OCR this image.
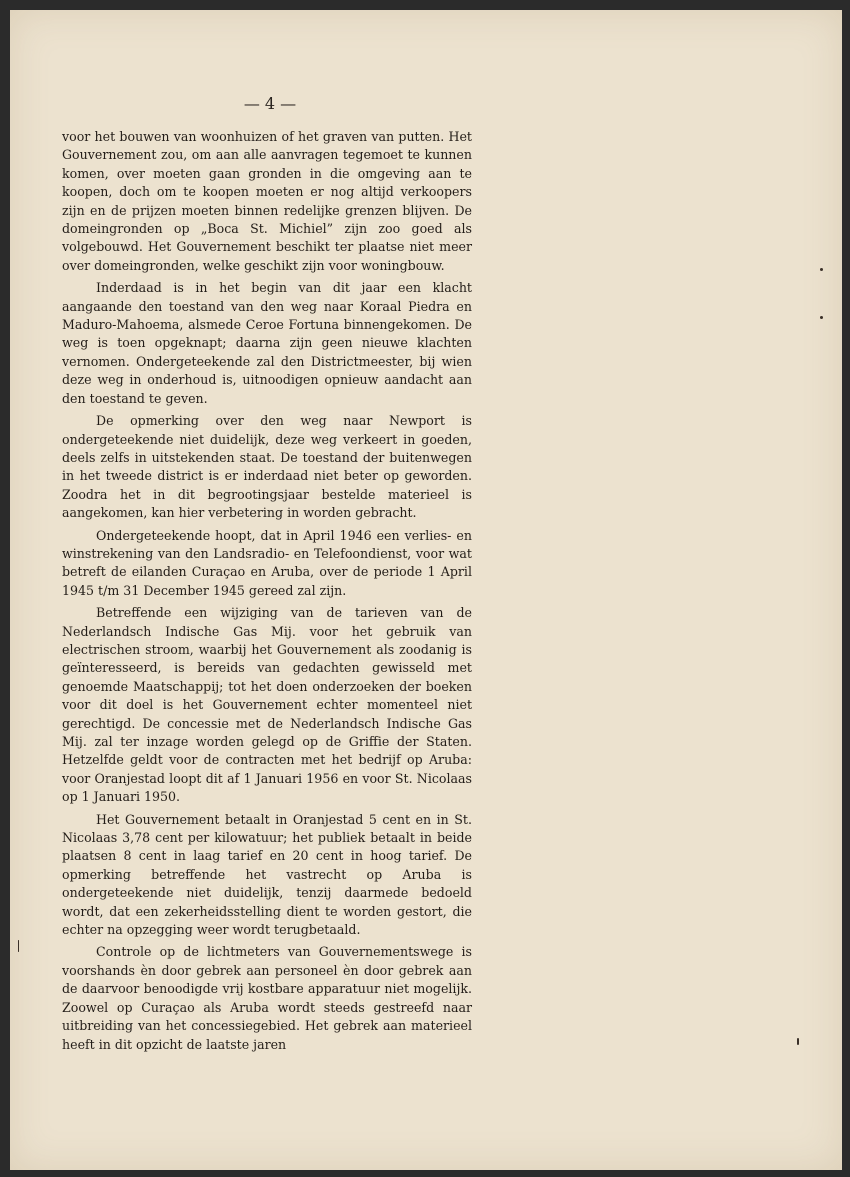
— 4 —

voor het bouwen van woonhuizen of het graven van putten. Het Gouvernement zou, om aan alle aanvragen tegemoet te kunnen komen, over moeten gaan gronden in die omgeving aan te koopen, doch om te koopen moeten er nog altijd verkoopers zijn en de prijzen moeten binnen redelijke grenzen blijven. De domeingronden op „Boca St. Michiel” zijn zoo goed als volgebouwd. Het Gouvernement beschikt ter plaatse niet meer over domeingronden, welke geschikt zijn voor woningbouw.

Inderdaad is in het begin van dit jaar een klacht aangaande den toestand van den weg naar Koraal Piedra en Maduro-Mahoema, alsmede Ceroe Fortuna binnengekomen. De weg is toen opgeknapt; daarna zijn geen nieuwe klachten vernomen. Ondergeteekende zal den Districtmeester, bij wien deze weg in onderhoud is, uitnoodigen opnieuw aandacht aan den toestand te geven.

De opmerking over den weg naar Newport is ondergeteekende niet duidelijk, deze weg verkeert in goeden, deels zelfs in uitstekenden staat. De toestand der buitenwegen in het tweede district is er inderdaad niet beter op geworden. Zoodra het in dit begrootingsjaar bestelde materieel is aangekomen, kan hier verbetering in worden gebracht.

Ondergeteekende hoopt, dat in April 1946 een verlies- en winstrekening van den Landsradio- en Telefoondienst, voor wat betreft de eilanden Curaçao en Aruba, over de periode 1 April 1945 t/m 31 December 1945 gereed zal zijn.

Betreffende een wijziging van de tarieven van de Nederlandsch Indische Gas Mij. voor het gebruik van electrischen stroom, waarbij het Gouvernement als zoodanig is geïnteresseerd, is bereids van gedachten gewisseld met genoemde Maatschappij; tot het doen onderzoeken der boeken voor dit doel is het Gouvernement echter momenteel niet gerechtigd. De concessie met de Nederlandsch Indische Gas Mij. zal ter inzage worden gelegd op de Griffie der Staten. Hetzelfde geldt voor de contracten met het bedrijf op Aruba: voor Oranjestad loopt dit af 1 Januari 1956 en voor St. Nicolaas op 1 Januari 1950.

Het Gouvernement betaalt in Oranjestad 5 cent en in St. Nicolaas 3,78 cent per kilowatuur; het publiek betaalt in beide plaatsen 8 cent in laag tarief en 20 cent in hoog tarief. De opmerking betreffende het vastrecht op Aruba is ondergeteekende niet duidelijk, tenzij daarmede bedoeld wordt, dat een zekerheidsstelling dient te worden gestort, die echter na opzegging weer wordt terugbetaald.

Controle op de lichtmeters van Gouvernementswege is voorshands èn door gebrek aan personeel èn door gebrek aan de daarvoor benoodigde vrij kostbare apparatuur niet mogelijk. Zoowel op Curaçao als Aruba wordt steeds gestreefd naar uitbreiding van het concessiegebied. Het gebrek aan materieel heeft in dit opzicht de laatste jaren
